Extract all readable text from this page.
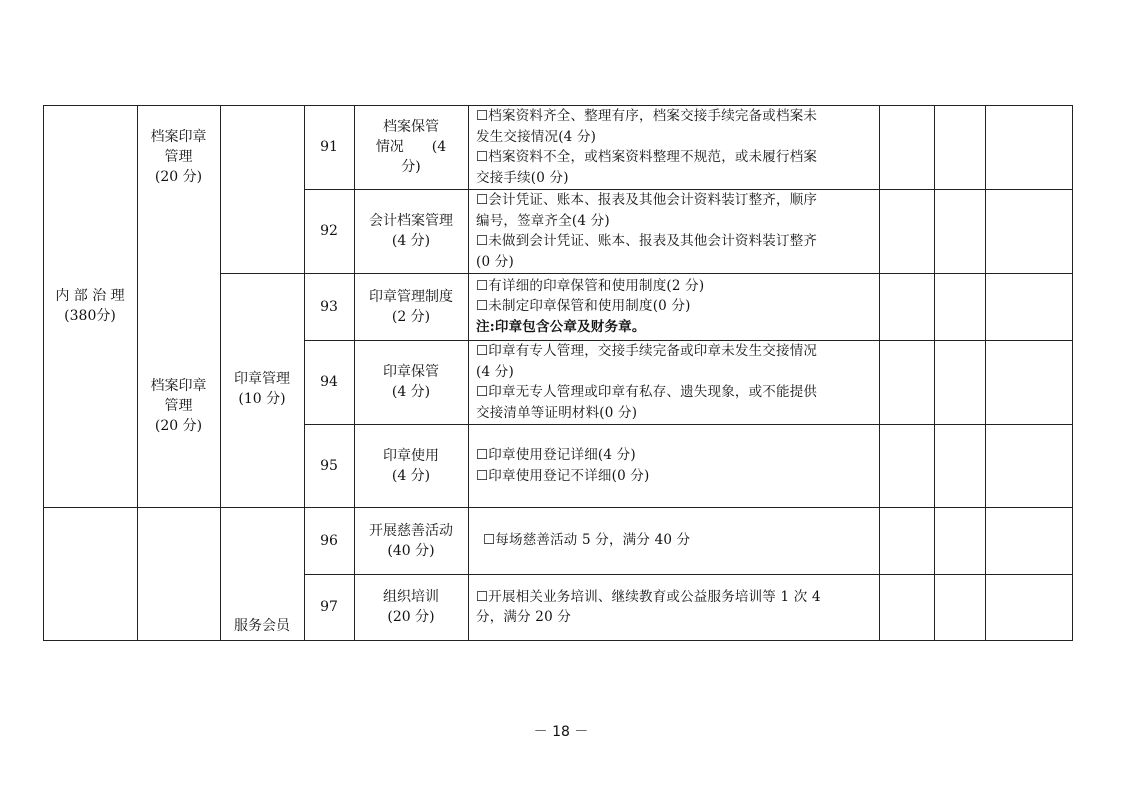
内 部 治 理
(380分)
档案印章
管理
(20 分)
档案印章
管理
(20 分)
印章管理
(10 分)
服务会员
91
档案保管
情况　　(4
分)
☐档案资料齐全、整理有序，档案交接手续完备或档案未
发生交接情况(4 分)
☐档案资料不全，或档案资料整理不规范，或未履行档案
交接手续(0 分)
92
会计档案管理
(4 分)
☐会计凭证、账本、报表及其他会计资料装订整齐，顺序
编号，签章齐全(4 分)
☐未做到会计凭证、账本、报表及其他会计资料装订整齐
(0 分)
93
印章管理制度
(2 分)
☐有详细的印章保管和使用制度(2 分)
☐未制定印章保管和使用制度(0 分)
注:印章包含公章及财务章。
94
印章保管
(4 分)
☐印章有专人管理，交接手续完备或印章未发生交接情况
(4 分)
☐印章无专人管理或印章有私存、遗失现象，或不能提供
交接清单等证明材料(0 分)
95
印章使用
(4 分)
☐印章使用登记详细(4 分)
☐印章使用登记不详细(0 分)
96
开展慈善活动
(40 分)
☐每场慈善活动 5 分，满分 40 分
97
组织培训
(20 分)
☐开展相关业务培训、继续教育或公益服务培训等 1 次 4
分，满分 20 分
－ 18 －
